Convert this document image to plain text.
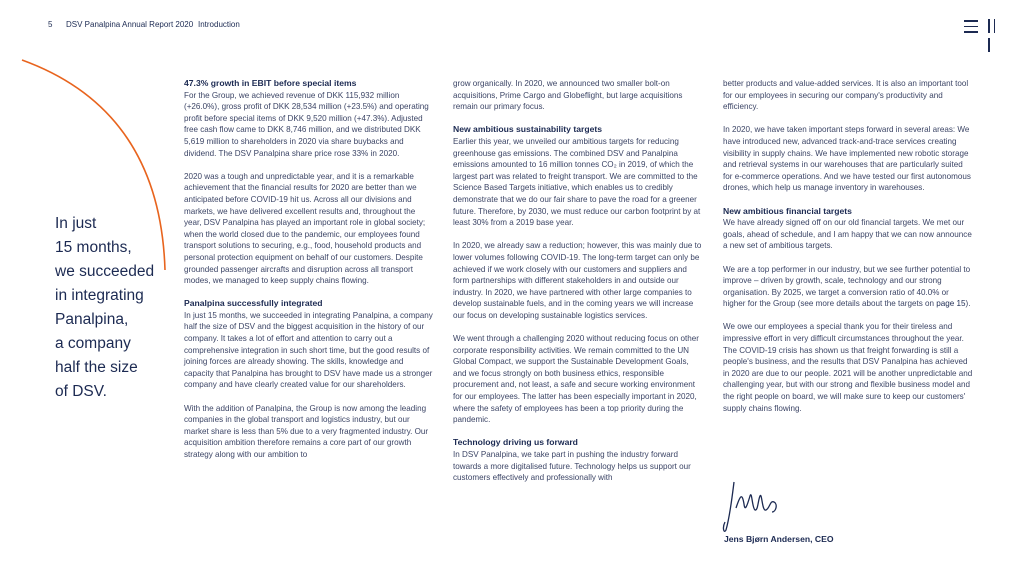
5 DSV Panalpina Annual Report 2020 Introduction
In just
15 months,
we succeeded
in integrating
Panalpina,
a company
half the size
of DSV.
47.3% growth in EBIT before special items

For the Group, we achieved revenue of DKK 115,932 million (+26.0%), gross profit of DKK 28,534 million (+23.5%) and operating profit before special items of DKK 9,520 million (+47.3%). Adjusted free cash flow came to DKK 8,746 million, and we distributed DKK 5,619 million to shareholders in 2020 via share buybacks and dividend. The DSV Panalpina share price rose 33% in 2020.

2020 was a tough and unpredictable year, and it is a remarkable achievement that the financial results for 2020 are better than we anticipated before COVID-19 hit us. Across all our divisions and markets, we have delivered excellent results and, throughout the year, DSV Panalpina has played an important role in global society; when the world closed due to the pandemic, our employees found transport solutions to securing, e.g., food, household products and personal protection equipment on behalf of our customers. Despite grounded passenger aircrafts and disruption across all transport modes, we managed to keep supply chains flowing.

Panalpina successfully integrated

In just 15 months, we succeeded in integrating Panalpina, a company half the size of DSV and the biggest acquisition in the history of our company. It takes a lot of effort and attention to carry out a comprehensive integration in such short time, but the good results of joining forces are already showing. The skills, knowledge and capacity that Panalpina has brought to DSV have made us a stronger company and have clearly created value for our shareholders.

With the addition of Panalpina, the Group is now among the leading companies in the global transport and logistics industry, but our market share is less than 5% due to a very fragmented industry. Our acquisition ambition therefore remains a core part of our growth strategy along with our ambition to

grow organically. In 2020, we announced two smaller bolt-on acquisitions, Prime Cargo and Globeflight, but large acquisitions remain our primary focus.

New ambitious sustainability targets

Earlier this year, we unveiled our ambitious targets for reducing greenhouse gas emissions. The combined DSV and Panalpina emissions amounted to 16 million tonnes CO₂ in 2019, of which the largest part was related to freight transport. We are committed to the Science Based Targets initiative, which enables us to credibly demonstrate that we do our fair share to pave the road for a greener future. Therefore, by 2030, we must reduce our carbon footprint by at least 30% from a 2019 base year.

In 2020, we already saw a reduction; however, this was mainly due to lower volumes following COVID-19. The long-term target can only be achieved if we work closely with our customers and suppliers and form partnerships with different stakeholders in and outside our industry. In 2020, we have partnered with other large companies to develop sustainable fuels, and in the coming years we will increase our focus on developing sustainable logistics services.

We went through a challenging 2020 without reducing focus on other corporate responsibility activities. We remain committed to the UN Global Compact, we support the Sustainable Development Goals, and we focus strongly on both business ethics, responsible procurement and, not least, a safe and secure working environment for our employees. The latter has been especially important in 2020, where the safety of employees has been a top priority during the pandemic.

Technology driving us forward

In DSV Panalpina, we take part in pushing the industry forward towards a more digitalised future. Technology helps us support our customers effectively and professionally with

better products and value-added services. It is also an important tool for our employees in securing our company's productivity and efficiency.

In 2020, we have taken important steps forward in several areas: We have introduced new, advanced track-and-trace services creating visibility in supply chains. We have implemented new robotic storage and retrieval systems in our warehouses that are particularly suited for e-commerce operations. And we have tested our first autonomous drones, which help us manage inventory in warehouses.

New ambitious financial targets

We have already signed off on our old financial targets. We met our goals, ahead of schedule, and I am happy that we can now announce a new set of ambitious targets.

We are a top performer in our industry, but we see further potential to improve – driven by growth, scale, technology and our strong organisation. By 2025, we target a conversion ratio of 40.0% or higher for the Group (see more details about the targets on page 15).

We owe our employees a special thank you for their tireless and impressive effort in very difficult circumstances throughout the year. The COVID-19 crisis has shown us that freight forwarding is still a people's business, and the results that DSV Panalpina has achieved in 2020 are due to our people. 2021 will be another unpredictable and challenging year, but with our strong and flexible business model and the right people on board, we will make sure to keep our customers' supply chains flowing.

Jens Bjørn Andersen, CEO
